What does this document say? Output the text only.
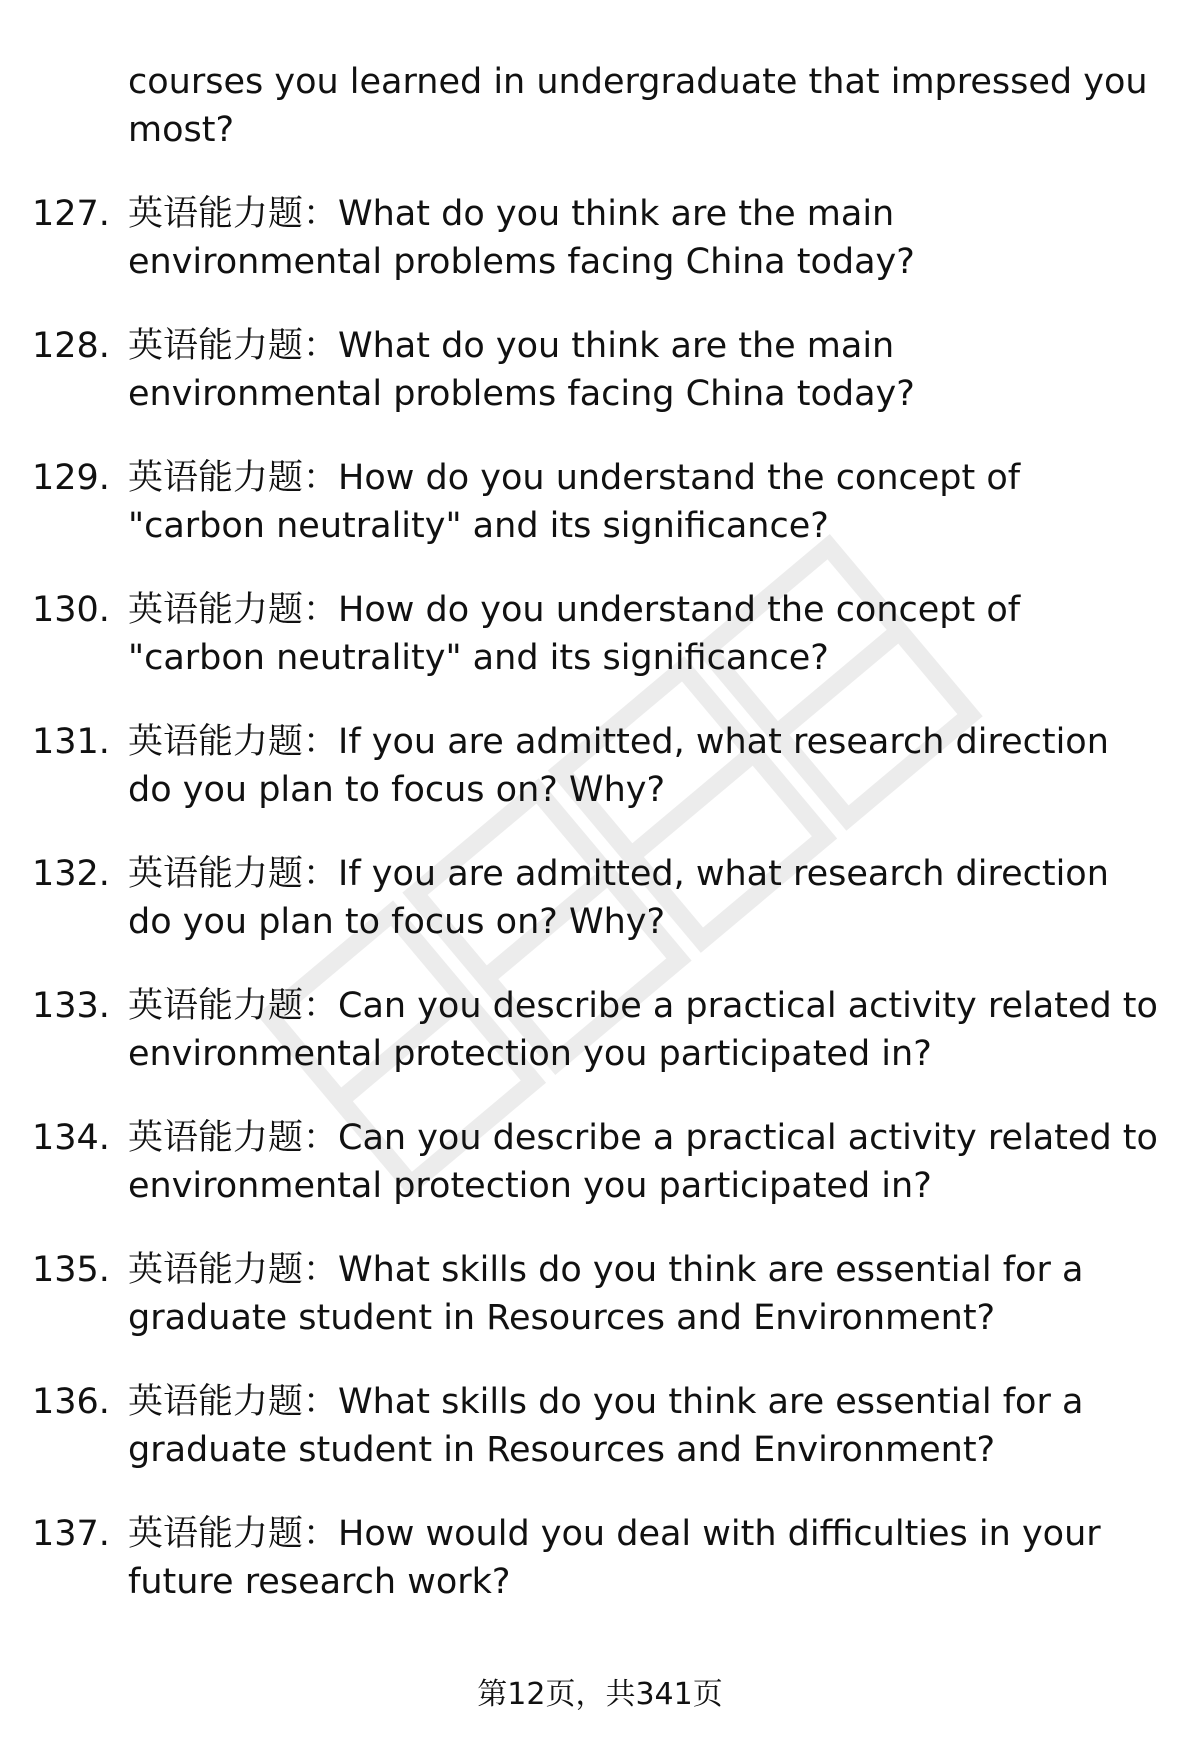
courses you learned in undergraduate that impressed you most?
127. 英语能力题：What do you think are the main environmental problems facing China today?
128. 英语能力题：What do you think are the main environmental problems facing China today?
129. 英语能力题：How do you understand the concept of "carbon neutrality" and its significance?
130. 英语能力题：How do you understand the concept of "carbon neutrality" and its significance?
131. 英语能力题：If you are admitted, what research direction do you plan to focus on? Why?
132. 英语能力题：If you are admitted, what research direction do you plan to focus on? Why?
133. 英语能力题：Can you describe a practical activity related to environmental protection you participated in?
134. 英语能力题：Can you describe a practical activity related to environmental protection you participated in?
135. 英语能力题：What skills do you think are essential for a graduate student in Resources and Environment?
136. 英语能力题：What skills do you think are essential for a graduate student in Resources and Environment?
137. 英语能力题：How would you deal with difficulties in your future research work?
第12页，共341页
